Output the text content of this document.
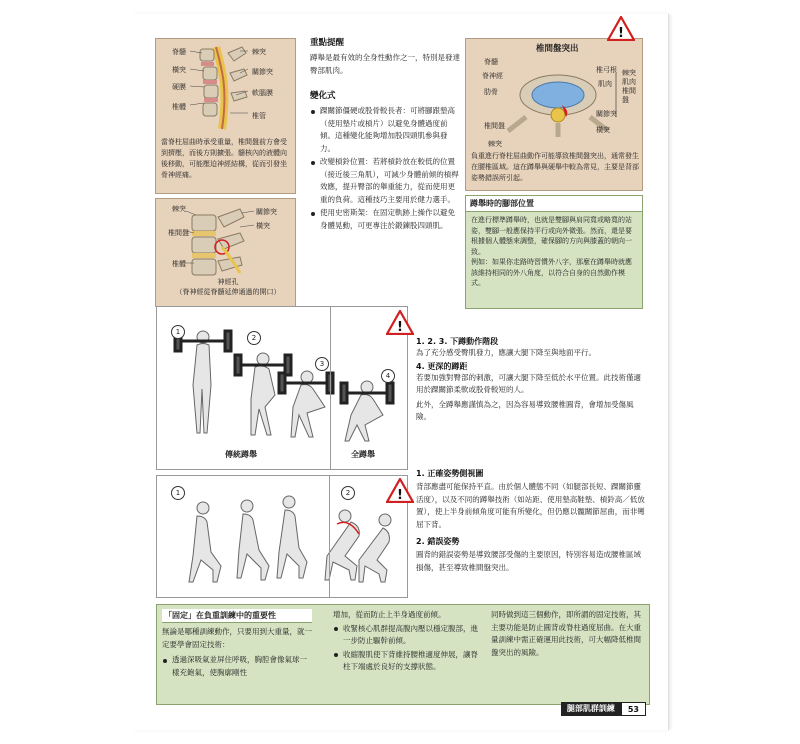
脊髓	棘突
橫突	關節突
硬膜
軟腦膜
椎管
椎體
當脊柱屈曲時承受重量，椎間盤前方會受到擠壓，而後方則擴張。髓核內的液體向後移動，可能壓迫神經結構，從而引發坐骨神經痛。
棘突
橫突
椎間盤
關節突
椎體
神經孔
（脊神經從脊髓延伸通過的開口）
重點提醒
蹲舉是最有效的全身性動作之一，特別是發達臀部肌肉。
變化式
踝關節僵硬或股骨較長者：可將腳跟墊高（使用墊片或槓片）以避免身體過度前傾。這種變化能夠增加股四頭肌參與發力。
改變槓鈴位置：若將槓鈴放在較低的位置（接近後三角肌），可減少身體前傾的槓桿效應，提升臀部的舉重能力，從而使用更重的負荷。這種技巧主要用於健力選手。
使用史密斯架：在固定軌跡上操作以避免身體晃動，可更專注於鍛鍊股四頭肌。
椎間盤突出
脊髓
脊神經
肋骨
椎弓根
肌肉
椎間盤
棘突
關節突
橫突
棘突
肌肉
椎間盤
負重進行脊柱屈曲動作可能導致椎間盤突出，通常發生在腰椎區域。這在蹲舉與硬舉中較為常見，主要是背部姿勢錯誤所引起。
!
蹲舉時的腳部位置
在進行標準蹲舉時，也就是雙腳與肩同寬或略寬的站姿，雙腳一般應保持平行或向外微張。然而，還是要根據個人體態來調整，確保腳的方向與膝蓋的朝向一致。
例如：如果你走路時習慣外八字，那麼在蹲舉時就應該維持相同的外八角度，以符合自身的自然動作模式。
1
2
3
4
傳統蹲舉	全蹲舉
!
1. 2. 3. 下蹲動作階段
為了充分感受臀肌發力，應讓大腿下降至與地面平行。
4. 更深的蹲距
若要加強對臀部的刺激，可讓大腿下降至低於水平位置。此技術僅適用於踝關節柔軟或股骨較短的人。
此外，全蹲舉應謹慎為之，因為容易導致腰椎圓背，會增加受傷風險。
1	2	!
1. 正確姿勢側視圖
背部應盡可能保持平直。由於個人體態不同（如腿部長短、踝關節靈活度），以及不同的蹲舉技術（如站距、使用墊高鞋墊、槓鈴高／低放置），使上半身前傾角度可能有所變化，但仍應以髖關節屈曲，而非彎屈下背。
2. 錯誤姿勢
圓背的錯誤姿勢是導致腰部受傷的主要原因，特別容易造成腰椎區域損傷，甚至導致椎間盤突出。
「固定」在負重訓練中的重要性
無論是哪種訓練動作，只要用到大重量，就一定要學會固定技術：
透過深吸氣並屏住呼吸，胸腔會像氣球一樣充飽氣，使胸廓剛性
增加，從而防止上半身過度前傾。
收緊核心肌群提高腹內壓以穩定腹部，進一步防止驅幹前傾。
收縮腹肌使下背維持腰椎適度伸展，讓脊柱下端處於良好的支撐狀態。
同時做到這三個動作，即所謂的固定技術，其主要功能是防止圓背或脊柱過度屈曲。在大重量訓練中需正確運用此技術，可大幅降低椎間盤突出的風險。
腿部肌群訓練	53
